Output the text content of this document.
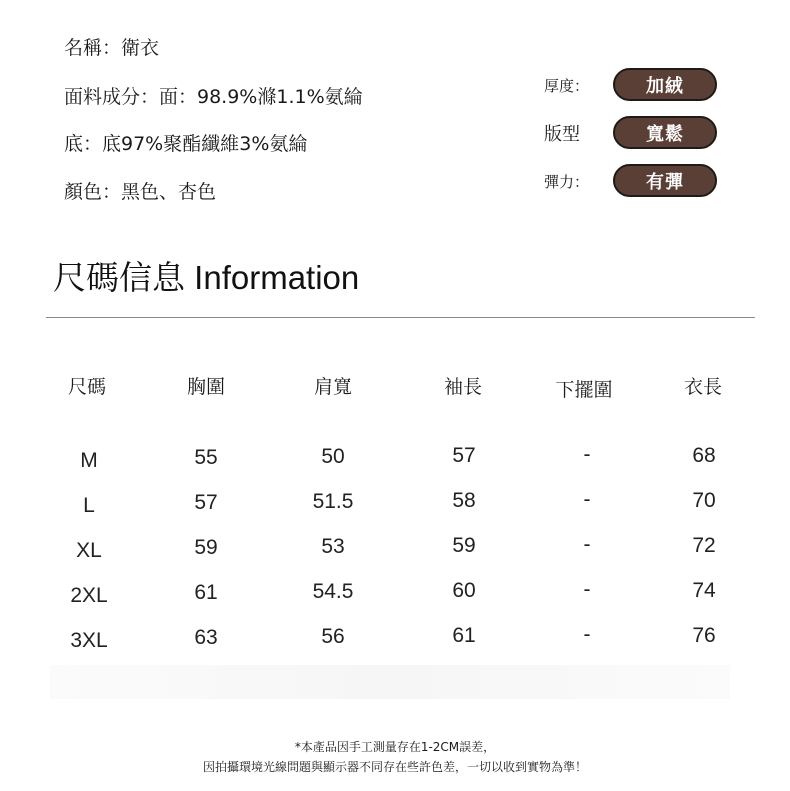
名稱：衛衣
面料成分：面：98.9%滌1.1%氨綸
底：底97%聚酯纖維3%氨綸
顏色：黑色、杏色
厚度：	加絨
版型	寬鬆
彈力：	有彈
尺碼信息 Information
尺碼	胸圍	肩寬	袖長	下擺圍	衣長
M	55	50	57	-	68
L	57	51.5	58	-	70
XL	59	53	59	-	72
2XL	61	54.5	60	-	74
3XL	63	56	61	-	76
*本產品因手工測量存在1-2CM誤差，
因拍攝環境光線問題與顯示器不同存在些許色差，一切以收到實物為準！
